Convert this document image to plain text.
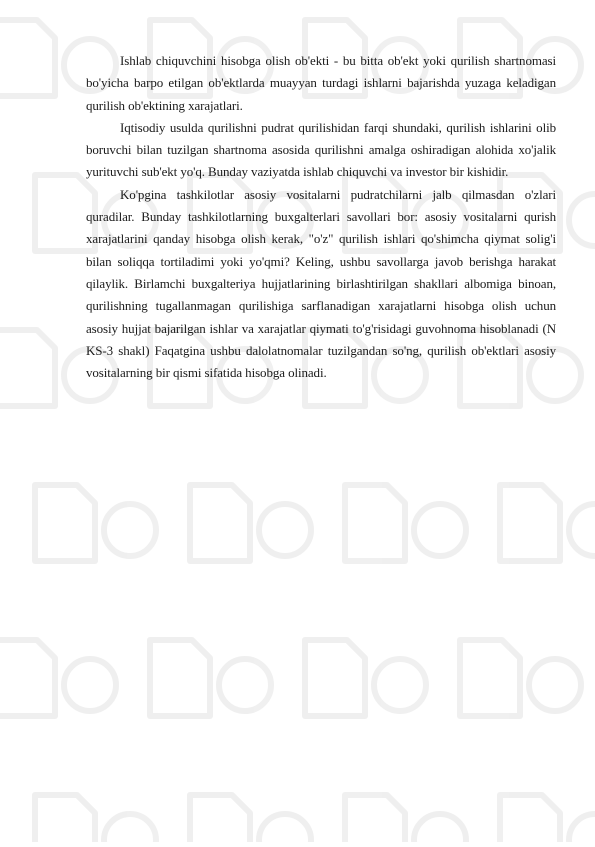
Ishlab chiquvchini hisobga olish ob'ekti - bu bitta ob'ekt yoki qurilish shartnomasi bo'yicha barpo etilgan ob'ektlarda muayyan turdagi ishlarni bajarishda yuzaga keladigan qurilish ob'ektining xarajatlari.

Iqtisodiy usulda qurilishni pudrat qurilishidan farqi shundaki, qurilish ishlarini olib boruvchi bilan tuzilgan shartnoma asosida qurilishni amalga oshiradigan alohida xo'jalik yurituvchi sub'ekt yo'q. Bunday vaziyatda ishlab chiquvchi va investor bir kishidir.

Ko'pgina tashkilotlar asosiy vositalarni pudratchilarni jalb qilmasdan o'zlari quradilar. Bunday tashkilotlarning buxgalterlari savollari bor: asosiy vositalarni qurish xarajatlarini qanday hisobga olish kerak, "o'z" qurilish ishlari qo'shimcha qiymat solig'i bilan soliqqa tortiladimi yoki yo'qmi? Keling, ushbu savollarga javob berishga harakat qilaylik. Birlamchi buxgalteriya hujjatlarining birlashtirilgan shakllari albomiga binoan, qurilishning tugallanmagan qurilishiga sarflanadigan xarajatlarni hisobga olish uchun asosiy hujjat bajarilgan ishlar va xarajatlar qiymati to'g'risidagi guvohnoma hisoblanadi (N KS-3 shakl) Faqatgina ushbu dalolatnomalar tuzilgandan so'ng, qurilish ob'ektlari asosiy vositalarning bir qismi sifatida hisobga olinadi.
